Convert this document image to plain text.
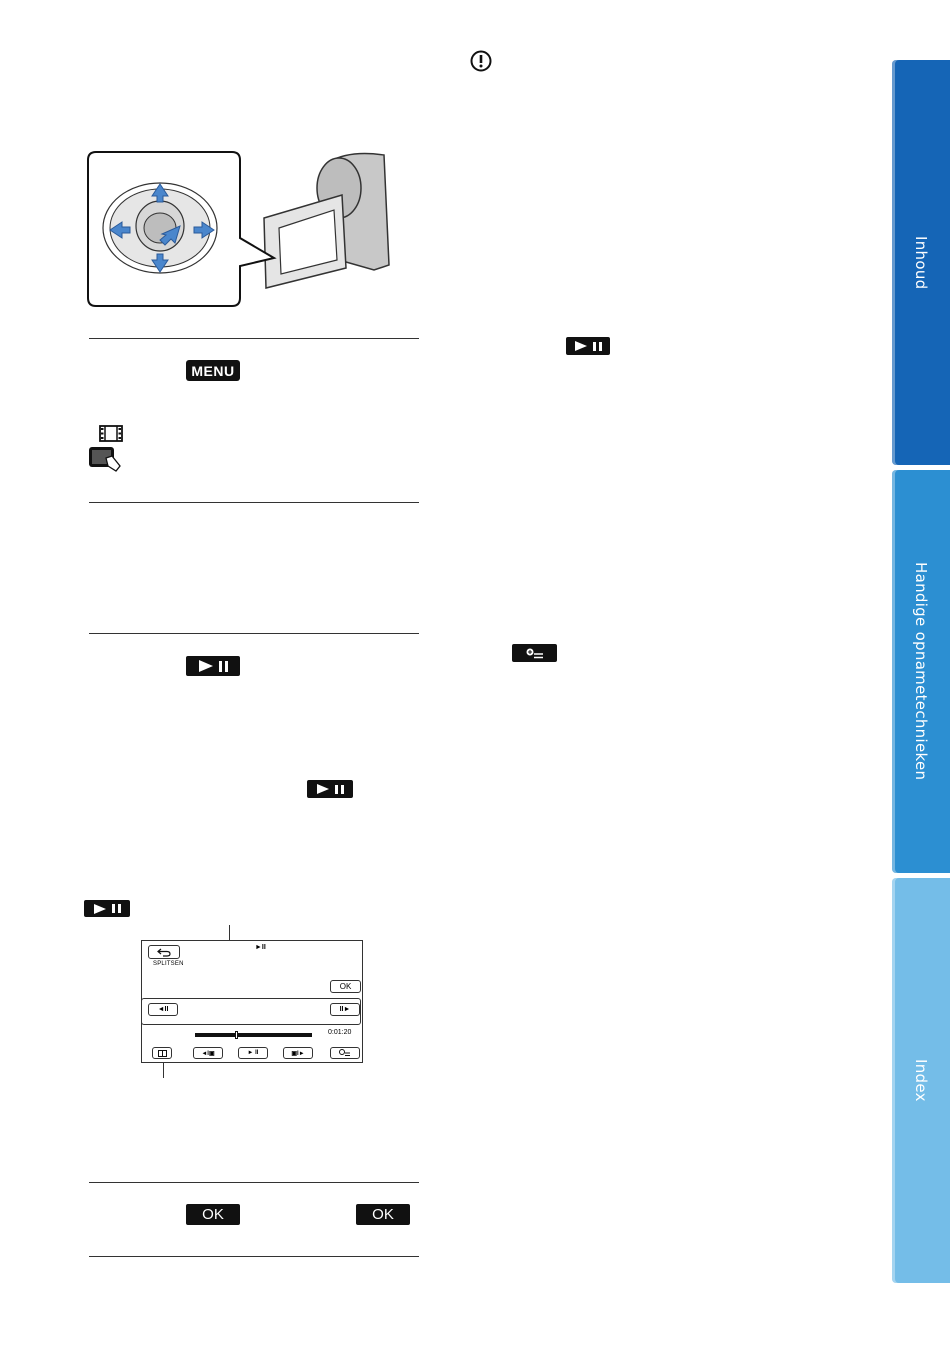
MENU
SPLITSEN
►II
OK
◄II	II►
0:01:20
◄I▣	► II	▣I►
OK	OK
Inhoud
Handige opnametechnieken
Index
